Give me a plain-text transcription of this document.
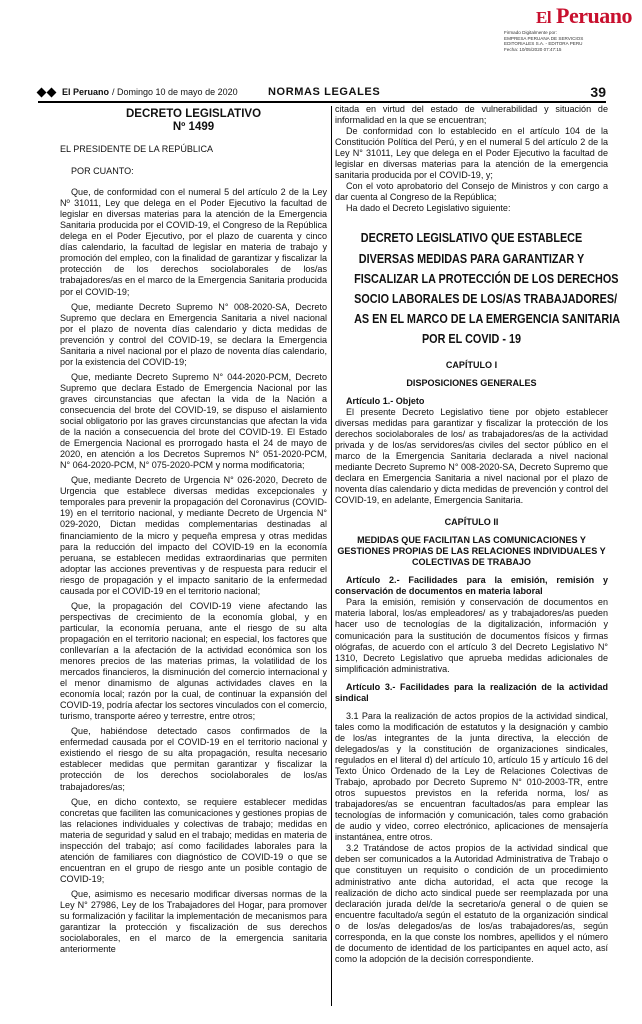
El Peruano
Firmado Digitalmente por:
EMPRESA PERUANA DE SERVICIOS
EDITORIALES S.A. - EDITORA PERU
Fecha: 10/05/2020 07:47:15
El Peruano / Domingo 10 de mayo de 2020	NORMAS LEGALES	39
DECRETO LEGISLATIVO
Nº 1499

EL PRESIDENTE DE LA REPÚBLICA

POR CUANTO:

Que, de conformidad con el numeral 5 del artículo 2 de la Ley Nº 31011, Ley que delega en el Poder Ejecutivo la facultad de legislar en diversas materias para la atención de la Emergencia Sanitaria producida por el COVID-19, el Congreso de la República delega en el Poder Ejecutivo, por el plazo de cuarenta y cinco días calendario, la facultad de legislar en materia de trabajo y promoción del empleo, con la finalidad de garantizar y fiscalizar la protección de los derechos sociolaborales de los/as trabajadores/as en el marco de la Emergencia Sanitaria producida por el COVID-19;

Que, mediante Decreto Supremo N° 008-2020-SA, Decreto Supremo que declara en Emergencia Sanitaria a nivel nacional por el plazo de noventa días calendario y dicta medidas de prevención y control del COVID-19, se declara la Emergencia Sanitaria a nivel nacional por el plazo de noventa días calendario, por la existencia del COVID-19;

Que, mediante Decreto Supremo N° 044-2020-PCM, Decreto Supremo que declara Estado de Emergencia Nacional por las graves circunstancias que afectan la vida de la Nación a consecuencia del brote del COVID-19, se dispuso el aislamiento social obligatorio por las graves circunstancias que afectan la vida de la nación a consecuencia del brote del COVID-19. El Estado de Emergencia Nacional es prorrogado hasta el 24 de mayo de 2020, en atención a los Decretos Supremos N° 051-2020-PCM, N° 064-2020-PCM, N° 075-2020-PCM y norma modificatoria;

Que, mediante Decreto de Urgencia N° 026-2020, Decreto de Urgencia que establece diversas medidas excepcionales y temporales para prevenir la propagación del Coronavirus (COVID-19) en el territorio nacional, y mediante Decreto de Urgencia N° 029-2020, Dictan medidas complementarias destinadas al financiamiento de la micro y pequeña empresa y otras medidas para la reducción del impacto del COVID-19 en la economía peruana, se establecen medidas extraordinarias que permiten adoptar las acciones preventivas y de respuesta para reducir el riesgo de propagación y el impacto sanitario de la enfermedad causada por el COVID-19 en el territorio nacional;

Que, la propagación del COVID-19 viene afectando las perspectivas de crecimiento de la economía global, y en particular, la economía peruana, ante el riesgo de su alta propagación en el territorio nacional; en especial, los factores que conllevarían a la afectación de la actividad económica son los menores precios de las materias primas, la volatilidad de los mercados financieros, la disminución del comercio internacional y el menor dinamismo de algunas actividades claves en la economía local; razón por la cual, de continuar la expansión del COVID-19, podría afectar los sectores vinculados con el comercio, turismo, transporte aéreo y terrestre, entre otros;

Que, habiéndose detectado casos confirmados de la enfermedad causada por el COVID-19 en el territorio nacional y existiendo el riesgo de su alta propagación, resulta necesario establecer medidas que permitan garantizar y fiscalizar la protección de los derechos sociolaborales de los/as trabajadores/as;

Que, en dicho contexto, se requiere establecer medidas concretas que faciliten las comunicaciones y gestiones propias de las relaciones individuales y colectivas de trabajo; medidas en materia de seguridad y salud en el trabajo; medidas en materia de inspección del trabajo; así como facilidades laborales para la atención de familiares con diagnóstico de COVID-19 o que se encuentran en el grupo de riesgo ante un posible contagio de COVID-19;

Que, asimismo es necesario modificar diversas normas de la Ley N° 27986, Ley de los Trabajadores del Hogar, para promover su formalización y facilitar la implementación de mecanismos para garantizar la protección y fiscalización de sus derechos sociolaborales, en el marco de la emergencia sanitaria anteriormente

citada en virtud del estado de vulnerabilidad y situación de informalidad en la que se encuentran;

De conformidad con lo establecido en el artículo 104 de la Constitución Política del Perú, y en el numeral 5 del artículo 2 de la Ley N° 31011, Ley que delega en el Poder Ejecutivo la facultad de legislar en diversas materias para la atención de la emergencia sanitaria producida por el COVID-19, y;

Con el voto aprobatorio del Consejo de Ministros y con cargo a dar cuenta al Congreso de la República;

Ha dado el Decreto Legislativo siguiente:

DECRETO LEGISLATIVO QUE ESTABLECE
DIVERSAS MEDIDAS PARA GARANTIZAR Y
FISCALIZAR LA PROTECCIÓN DE LOS DERECHOS
SOCIO LABORALES DE LOS/AS TRABAJADORES/
AS EN EL MARCO DE LA EMERGENCIA SANITARIA
POR EL COVID - 19
CAPÍTULO I
DISPOSICIONES GENERALES

Artículo 1.- Objeto

El presente Decreto Legislativo tiene por objeto establecer diversas medidas para garantizar y fiscalizar la protección de los derechos sociolaborales de los/ as trabajadores/as de la actividad privada y de los/as servidores/as civiles del sector público en el marco de la Emergencia Sanitaria declarada a nivel nacional mediante Decreto Supremo N° 008-2020-SA, Decreto Supremo que declara en Emergencia Sanitaria a nivel nacional por el plazo de noventa días calendario y dicta medidas de prevención y control del COVID-19, en adelante, Emergencia Sanitaria.

CAPÍTULO II
MEDIDAS QUE FACILITAN LAS COMUNICACIONES Y GESTIONES PROPIAS DE LAS RELACIONES INDIVIDUALES Y COLECTIVAS DE TRABAJO

Artículo 2.- Facilidades para la emisión, remisión y conservación de documentos en materia laboral

Para la emisión, remisión y conservación de documentos en materia laboral, los/as empleadores/ as y trabajadores/as pueden hacer uso de tecnologías de la digitalización, información y comunicación para la sustitución de documentos físicos y firmas ológrafas, de acuerdo con el artículo 3 del Decreto Legislativo N° 1310, Decreto Legislativo que aprueba medidas adicionales de simplificación administrativa.

Artículo 3.- Facilidades para la realización de la actividad sindical

3.1 Para la realización de actos propios de la actividad sindical, tales como la modificación de estatutos y la designación y cambio de los/as integrantes de la junta directiva, la elección de delegados/as y la constitución de organizaciones sindicales, regulados en el literal d) del artículo 10, artículo 15 y artículo 16 del Texto Único Ordenado de la Ley de Relaciones Colectivas de Trabajo, aprobado por Decreto Supremo N° 010-2003-TR, entre otros supuestos previstos en la referida norma, los/ as trabajadores/as se encuentran facultados/as para emplear las tecnologías de información y comunicación, tales como grabación de audio y video, correo electrónico, aplicaciones de mensajería instantánea, entre otros.

3.2 Tratándose de actos propios de la actividad sindical que deben ser comunicados a la Autoridad Administrativa de Trabajo o que constituyen un requisito o condición de un procedimiento administrativo ante dicha autoridad, el acta que recoge la realización de dicho acto sindical puede ser reemplazada por una declaración jurada del/de la secretario/a general o de quien se encuentre facultado/a según el estatuto de la organización sindical o de los/as delegados/as de los/as trabajadores/as, según corresponda, en la que conste los nombres, apellidos y el número de documento de identidad de los participantes en aquel acto, así como la adopción de la decisión correspondiente.
